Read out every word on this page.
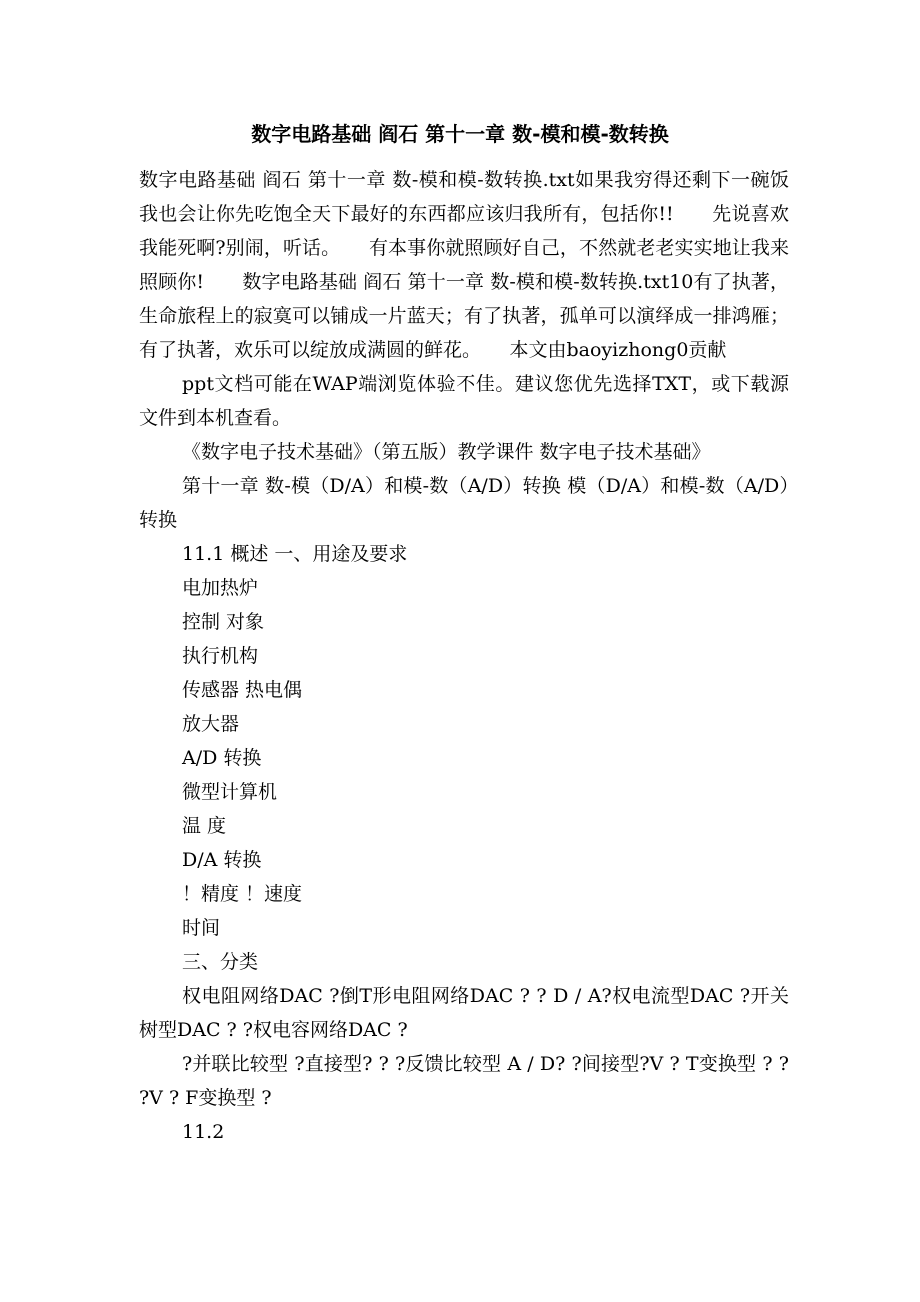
数字电路基础 阎石 第十一章 数-模和模-数转换

数字电路基础 阎石 第十一章 数-模和模-数转换.txt如果我穷得还剩下一碗饭 我也会让你先吃饱全天下最好的东西都应该归我所有，包括你!!　　先说喜欢我能死啊?别闹，听话。　　有本事你就照顾好自己，不然就老老实实地让我来照顾你!　　数字电路基础 阎石 第十一章 数-模和模-数转换.txt10有了执著，生命旅程上的寂寞可以铺成一片蓝天；有了执著，孤单可以演绎成一排鸿雁；有了执著，欢乐可以绽放成满圆的鲜花。　　本文由baoyizhong0贡献

ppt文档可能在WAP端浏览体验不佳。建议您优先选择TXT，或下载源文件到本机查看。

《数字电子技术基础》（第五版）教学课件 数字电子技术基础》

第十一章 数-模（D/A）和模-数（A/D）转换 模（D/A）和模-数（A/D）转换

11.1 概述 一、用途及要求

电加热炉

控制 对象

执行机构

传感器 热电偶

放大器

A/D 转换

微型计算机

温 度

D/A 转换

！精度 ！速度

时间

三、分类

权电阻网络DAC ?倒T形电阻网络DAC ? ? D / A?权电流型DAC ?开关树型DAC ? ?权电容网络DAC ?

?并联比较型 ?直接型? ? ?反馈比较型 A / D? ?间接型?V ? T变换型 ? ? ?V ? F变换型 ?

11.2
